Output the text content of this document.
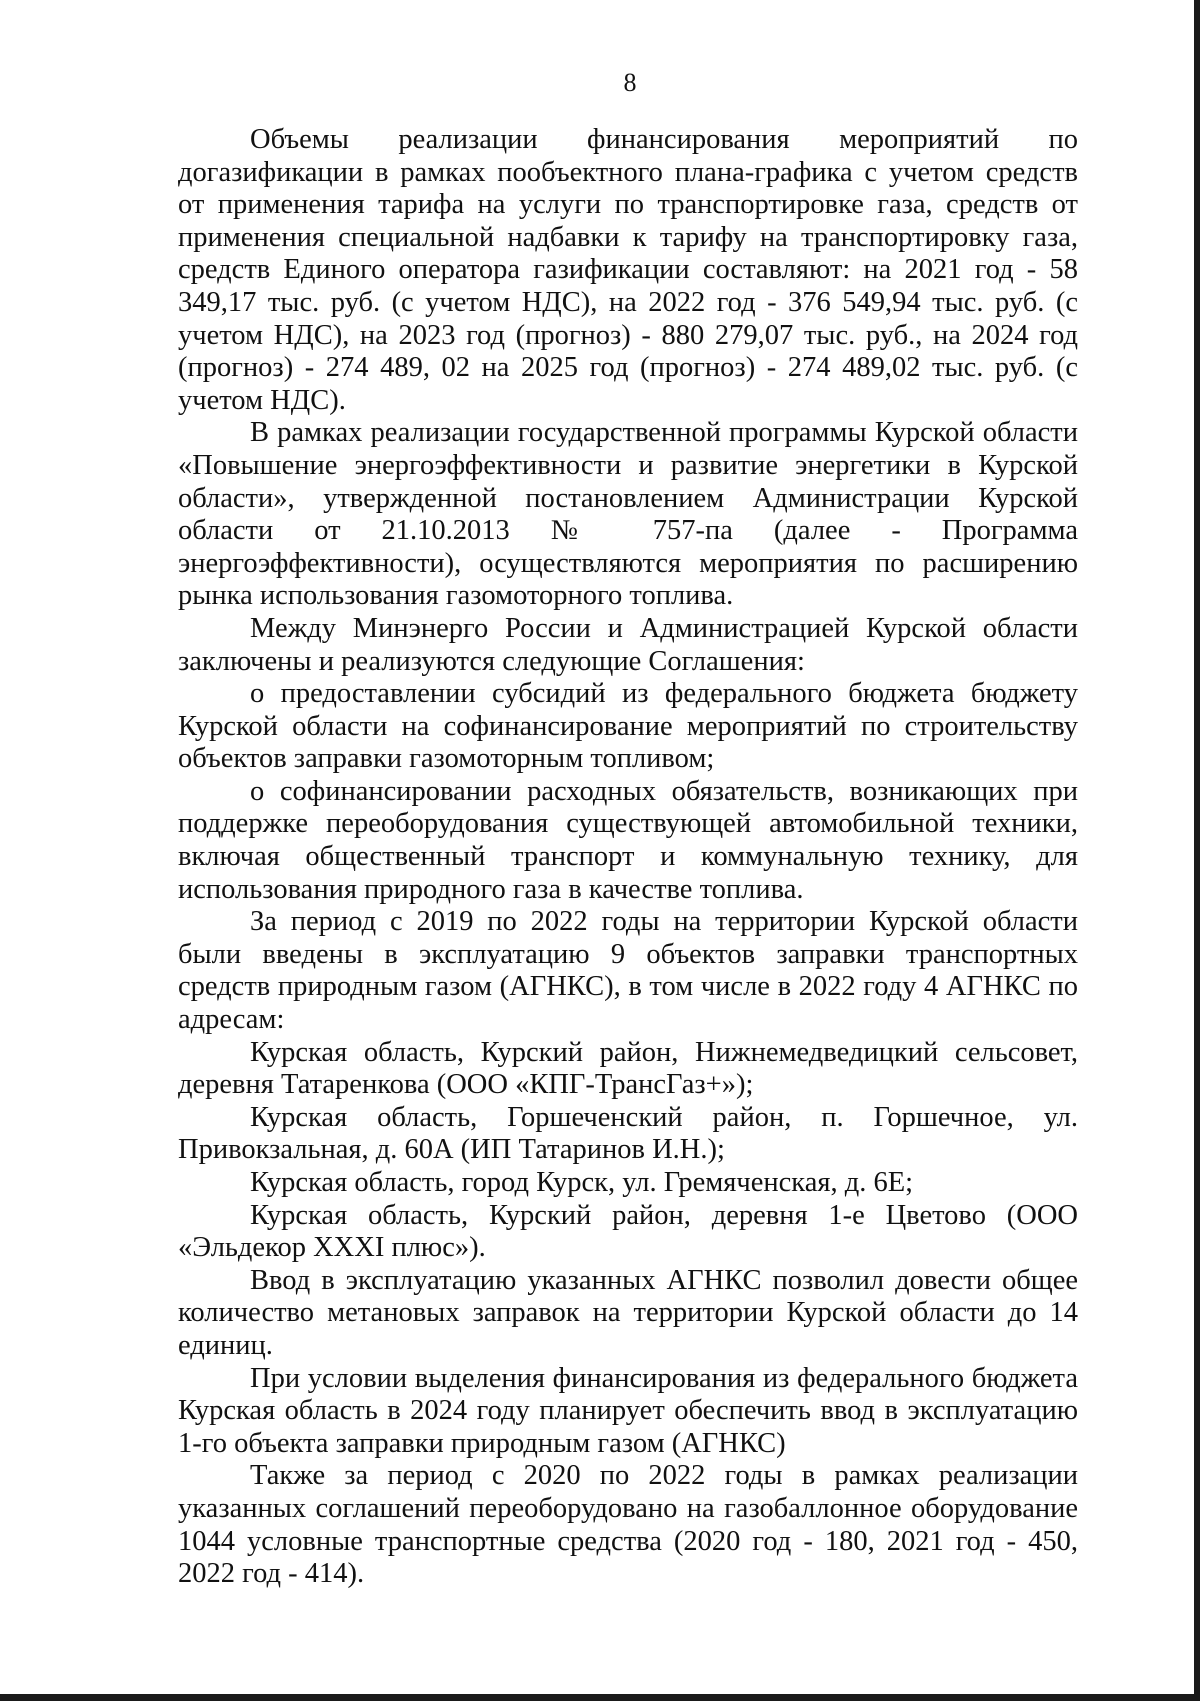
8

Объемы реализации финансирования мероприятий по догазификации в рамках пообъектного плана-графика с учетом средств от применения тарифа на услуги по транспортировке газа, средств от применения специальной надбавки к тарифу на транспортировку газа, средств Единого оператора газификации составляют: на 2021 год - 58 349,17 тыс. руб. (с учетом НДС), на 2022 год - 376 549,94 тыс. руб. (с учетом НДС), на 2023 год (прогноз) - 880 279,07 тыс. руб., на 2024 год (прогноз) - 274 489, 02 на 2025 год (прогноз) - 274 489,02 тыс. руб. (с учетом НДС).

В рамках реализации государственной программы Курской области «Повышение энергоэффективности и развитие энергетики в Курской области», утвержденной постановлением Администрации Курской области от 21.10.2013 № 757-па (далее - Программа энергоэффективности), осуществляются мероприятия по расширению рынка использования газомоторного топлива.

Между Минэнерго России и Администрацией Курской области заключены и реализуются следующие Соглашения:

о предоставлении субсидий из федерального бюджета бюджету Курской области на софинансирование мероприятий по строительству объектов заправки газомоторным топливом;

о софинансировании расходных обязательств, возникающих при поддержке переоборудования существующей автомобильной техники, включая общественный транспорт и коммунальную технику, для использования природного газа в качестве топлива.

За период с 2019 по 2022 годы на территории Курской области были введены в эксплуатацию 9 объектов заправки транспортных средств природным газом (АГНКС), в том числе в 2022 году 4 АГНКС по адресам:

Курская область, Курский район, Нижнемедведицкий сельсовет, деревня Татаренкова (ООО «КПГ-ТрансГаз+»);

Курская область, Горшеченский район, п. Горшечное, ул. Привокзальная, д. 60А (ИП Татаринов И.Н.);

Курская область, город Курск, ул. Гремяченская, д. 6Е;

Курская область, Курский район, деревня 1-е Цветово (ООО «Эльдекор XXXI плюс»).

Ввод в эксплуатацию указанных АГНКС позволил довести общее количество метановых заправок на территории Курской области до 14 единиц.

При условии выделения финансирования из федерального бюджета Курская область в 2024 году планирует обеспечить ввод в эксплуатацию 1-го объекта заправки природным газом (АГНКС)

Также за период с 2020 по 2022 годы в рамках реализации указанных соглашений переоборудовано на газобаллонное оборудование 1044 условные транспортные средства (2020 год - 180, 2021 год - 450, 2022 год - 414).
